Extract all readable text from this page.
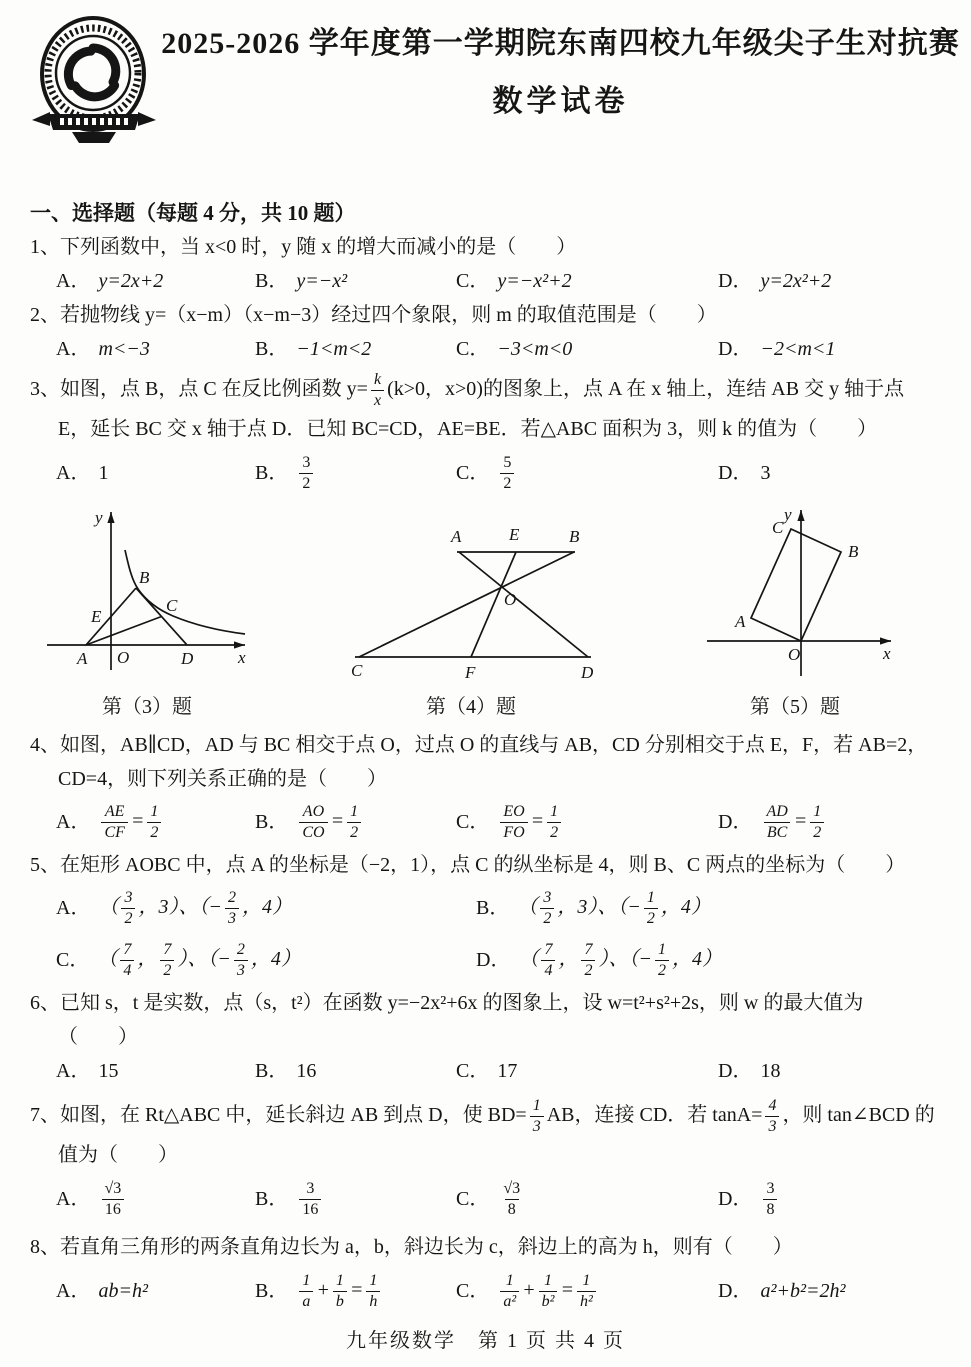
2025-2026 学年度第一学期院东南四校九年级尖子生对抗赛
数学试卷
一、选择题（每题 4 分，共 10 题）
1、下列函数中，当 x<0 时，y 随 x 的增大而减小的是（　　）
A． y=2x+2	B． y=−x²	C． y=−x²+2	D． y=2x²+2
2、若抛物线 y=（x−m）（x−m−3）经过四个象限，则 m 的取值范围是（　　）
A． m<−3	B． −1<m<2	C． −3<m<0	D． −2<m<1
3、如图，点 B，点 C 在反比例函数 $y= \frac{k}{x} (k>0$，x>0)的图象上，点 A 在 x 轴上，连结 AB 交 y 轴于点
E，延长 BC 交 x 轴于点 D．已知 BC=CD，AE=BE．若△ABC 面积为 3，则 k 的值为（　　）
A． 1	B． $\frac{3}{2}$	C． $\frac{5}{2}$	D． 3
y
x
O
A
B
C
D
E
第（3）题
A	E	B
C	F	D
O
第（4）题
y
x
O
A
B
C
第（5）题
4、如图，AB∥CD，AD 与 BC 相交于点 O，过点 O 的直线与 AB，CD 分别相交于点 E，F，若 AB=2，
CD=4，则下列关系正确的是（　　）
A． $\frac{AE}{CF} = \frac{1}{2}$	B． $\frac{AO}{CO} = \frac{1}{2}$	C． $\frac{EO}{FO} = \frac{1}{2}$	D． $\frac{AD}{BC} = \frac{1}{2}$
5、在矩形 AOBC 中，点 A 的坐标是（−2，1），点 C 的纵坐标是 4，则 B、C 两点的坐标为（　　）
A． （ $\frac{3}{2}$ ，3）、（− $\frac{2}{3}$ ，4）	B． （ $\frac{3}{2}$ ，3）、（− $\frac{1}{2}$ ，4）
C． （ $\frac{7}{4}$ ， $\frac{7}{2}$ ）、（− $\frac{2}{3}$ ，4）	D． （ $\frac{7}{4}$ ， $\frac{7}{2}$ ）、（− $\frac{1}{2}$ ，4）
6、已知 s，t 是实数，点（s，t²）在函数 y=−2x²+6x 的图象上，设 w=t²+s²+2s，则 w 的最大值为
（　　）
A． 15	B． 16	C． 17	D． 18
7、如图，在 Rt△ABC 中，延长斜边 AB 到点 D，使 $BD= \frac{1}{3}$ AB，连接 CD．若 $\tan A= \frac{4}{3}$ ，则 tan∠BCD 的
值为（　　）
A． $\frac{√3}{16}$	B． $\frac{3}{16}$	C． $\frac{√3}{8}$	D． $\frac{3}{8}$
8、若直角三角形的两条直角边长为 a，b，斜边长为 c，斜边上的高为 h，则有（　　）
A． ab=h²	B． $\frac{1}{a} + \frac{1}{b} = \frac{1}{h}$	C． $\frac{1}{\text{a²}} + \frac{1}{\text{b²}} = \frac{1}{\text{h²}}$	D． a²+b²=2h²
九年级数学　第 1 页 共 4 页
